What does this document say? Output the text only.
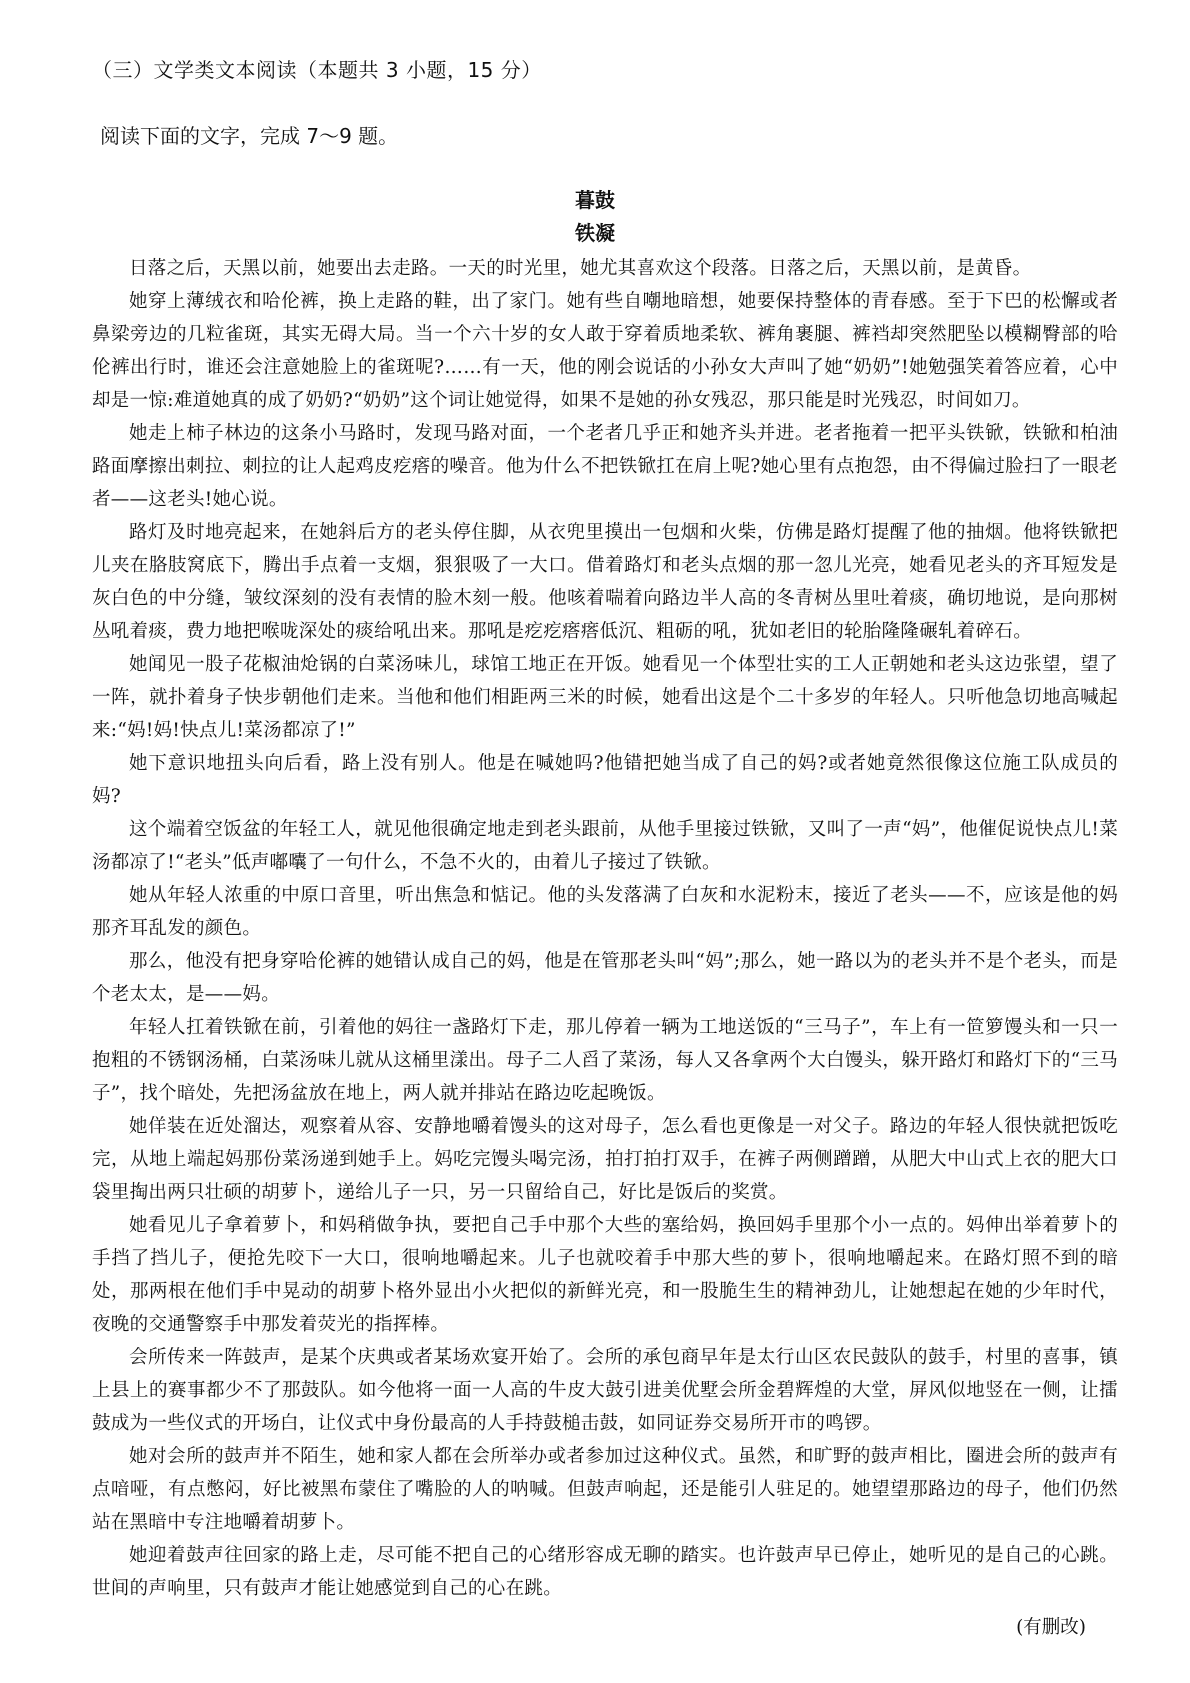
（三）文学类文本阅读（本题共 3 小题，15 分）
阅读下面的文字，完成 7～9 题。
暮鼓
铁凝

日落之后，天黑以前，她要出去走路。一天的时光里，她尤其喜欢这个段落。日落之后，天黑以前，是黄昏。

她穿上薄绒衣和哈伦裤，换上走路的鞋，出了家门。她有些自嘲地暗想，她要保持整体的青春感。至于下巴的松懈或者鼻梁旁边的几粒雀斑，其实无碍大局。当一个六十岁的女人敢于穿着质地柔软、裤角裹腿、裤裆却突然肥坠以模糊臀部的哈伦裤出行时，谁还会注意她脸上的雀斑呢?……有一天，他的刚会说话的小孙女大声叫了她“奶奶”!她勉强笑着答应着，心中却是一惊:难道她真的成了奶奶?“奶奶”这个词让她觉得，如果不是她的孙女残忍，那只能是时光残忍，时间如刀。

她走上柿子林边的这条小马路时，发现马路对面，一个老者几乎正和她齐头并进。老者拖着一把平头铁锨，铁锨和柏油路面摩擦出刺拉、刺拉的让人起鸡皮疙瘩的噪音。他为什么不把铁锨扛在肩上呢?她心里有点抱怨，由不得偏过脸扫了一眼老者——这老头!她心说。

路灯及时地亮起来，在她斜后方的老头停住脚，从衣兜里摸出一包烟和火柴，仿佛是路灯提醒了他的抽烟。他将铁锨把儿夹在胳肢窝底下，腾出手点着一支烟，狠狠吸了一大口。借着路灯和老头点烟的那一忽儿光亮，她看见老头的齐耳短发是灰白色的中分缝，皱纹深刻的没有表情的脸木刻一般。他咳着喘着向路边半人高的冬青树丛里吐着痰，确切地说，是向那树丛吼着痰，费力地把喉咙深处的痰给吼出来。那吼是疙疙瘩瘩低沉、粗砺的吼，犹如老旧的轮胎隆隆碾轧着碎石。

她闻见一股子花椒油炝锅的白菜汤味儿，球馆工地正在开饭。她看见一个体型壮实的工人正朝她和老头这边张望，望了一阵，就扑着身子快步朝他们走来。当他和他们相距两三米的时候，她看出这是个二十多岁的年轻人。只听他急切地高喊起来:“妈!妈!快点儿!菜汤都凉了!”

她下意识地扭头向后看，路上没有别人。他是在喊她吗?他错把她当成了自己的妈?或者她竟然很像这位施工队成员的妈?

这个端着空饭盆的年轻工人，就见他很确定地走到老头跟前，从他手里接过铁锨，又叫了一声“妈”，他催促说快点儿!菜汤都凉了!“老头”低声嘟囔了一句什么，不急不火的，由着儿子接过了铁锨。

她从年轻人浓重的中原口音里，听出焦急和惦记。他的头发落满了白灰和水泥粉末，接近了老头——不，应该是他的妈那齐耳乱发的颜色。

那么，他没有把身穿哈伦裤的她错认成自己的妈，他是在管那老头叫“妈”;那么，她一路以为的老头并不是个老头，而是个老太太，是——妈。

年轻人扛着铁锨在前，引着他的妈往一盏路灯下走，那儿停着一辆为工地送饭的“三马子”，车上有一笸箩馒头和一只一抱粗的不锈钢汤桶，白菜汤味儿就从这桶里漾出。母子二人舀了菜汤，每人又各拿两个大白馒头，躲开路灯和路灯下的“三马子”，找个暗处，先把汤盆放在地上，两人就并排站在路边吃起晚饭。

她佯装在近处溜达，观察着从容、安静地嚼着馒头的这对母子，怎么看也更像是一对父子。路边的年轻人很快就把饭吃完，从地上端起妈那份菜汤递到她手上。妈吃完馒头喝完汤，拍打拍打双手，在裤子两侧蹭蹭，从肥大中山式上衣的肥大口袋里掏出两只壮硕的胡萝卜，递给儿子一只，另一只留给自己，好比是饭后的奖赏。

她看见儿子拿着萝卜，和妈稍做争执，要把自己手中那个大些的塞给妈，换回妈手里那个小一点的。妈伸出举着萝卜的手挡了挡儿子，便抢先咬下一大口，很响地嚼起来。儿子也就咬着手中那大些的萝卜，很响地嚼起来。在路灯照不到的暗处，那两根在他们手中晃动的胡萝卜格外显出小火把似的新鲜光亮，和一股脆生生的精神劲儿，让她想起在她的少年时代，夜晚的交通警察手中那发着荧光的指挥棒。

会所传来一阵鼓声，是某个庆典或者某场欢宴开始了。会所的承包商早年是太行山区农民鼓队的鼓手，村里的喜事，镇上县上的赛事都少不了那鼓队。如今他将一面一人高的牛皮大鼓引进美优墅会所金碧辉煌的大堂，屏风似地竖在一侧，让擂鼓成为一些仪式的开场白，让仪式中身份最高的人手持鼓槌击鼓，如同证券交易所开市的鸣锣。

她对会所的鼓声并不陌生，她和家人都在会所举办或者参加过这种仪式。虽然，和旷野的鼓声相比，圈进会所的鼓声有点喑哑，有点憋闷，好比被黑布蒙住了嘴脸的人的呐喊。但鼓声响起，还是能引人驻足的。她望望那路边的母子，他们仍然站在黑暗中专注地嚼着胡萝卜。

她迎着鼓声往回家的路上走，尽可能不把自己的心绪形容成无聊的踏实。也许鼓声早已停止，她听见的是自己的心跳。世间的声响里，只有鼓声才能让她感觉到自己的心在跳。

(有删改)
